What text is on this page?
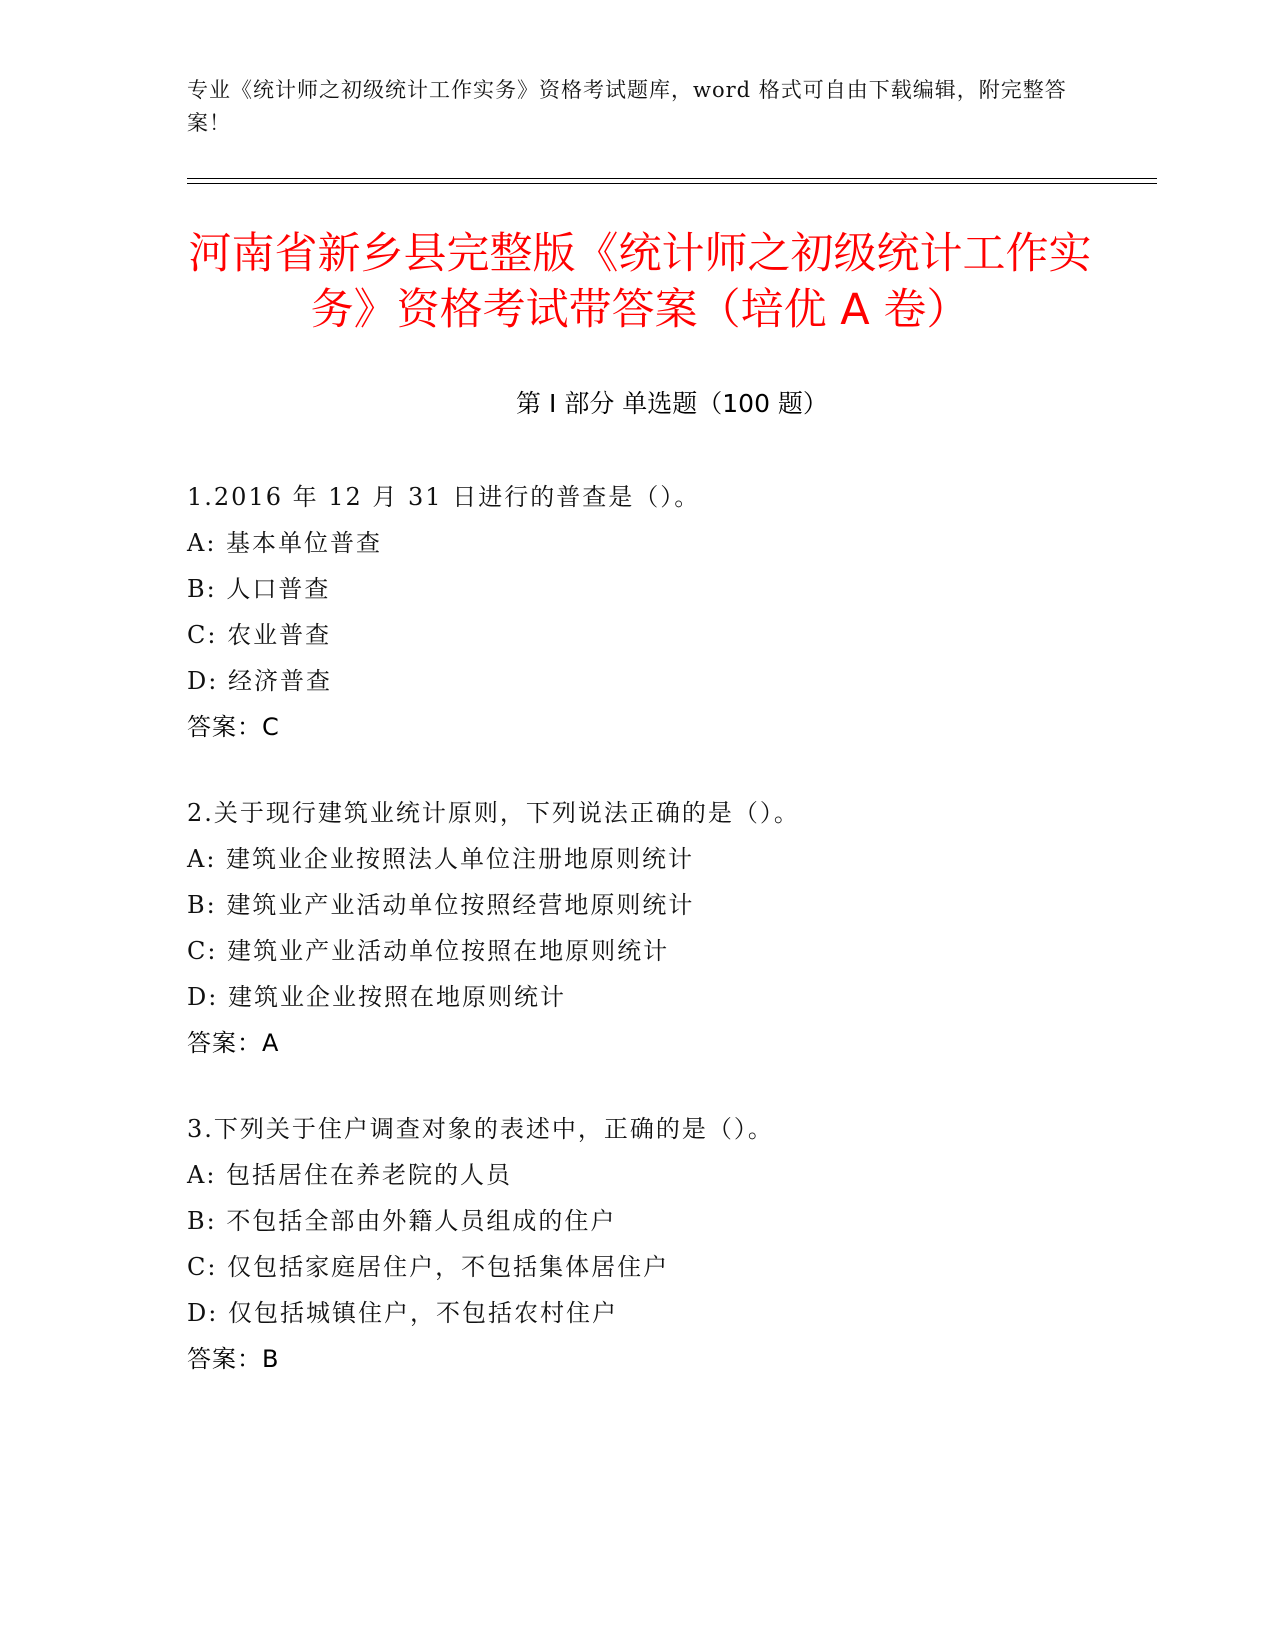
专业《统计师之初级统计工作实务》资格考试题库，word 格式可自由下载编辑，附完整答案！
河南省新乡县完整版《统计师之初级统计工作实务》资格考试带答案（培优 A 卷）
第 I 部分 单选题（100 题）
1.2016 年 12 月 31 日进行的普查是（）。
A: 基本单位普查
B: 人口普查
C: 农业普查
D: 经济普查
答案：C
2.关于现行建筑业统计原则，下列说法正确的是（）。
A: 建筑业企业按照法人单位注册地原则统计
B: 建筑业产业活动单位按照经营地原则统计
C: 建筑业产业活动单位按照在地原则统计
D: 建筑业企业按照在地原则统计
答案：A
3.下列关于住户调查对象的表述中，正确的是（）。
A: 包括居住在养老院的人员
B: 不包括全部由外籍人员组成的住户
C: 仅包括家庭居住户，不包括集体居住户
D: 仅包括城镇住户，不包括农村住户
答案：B
